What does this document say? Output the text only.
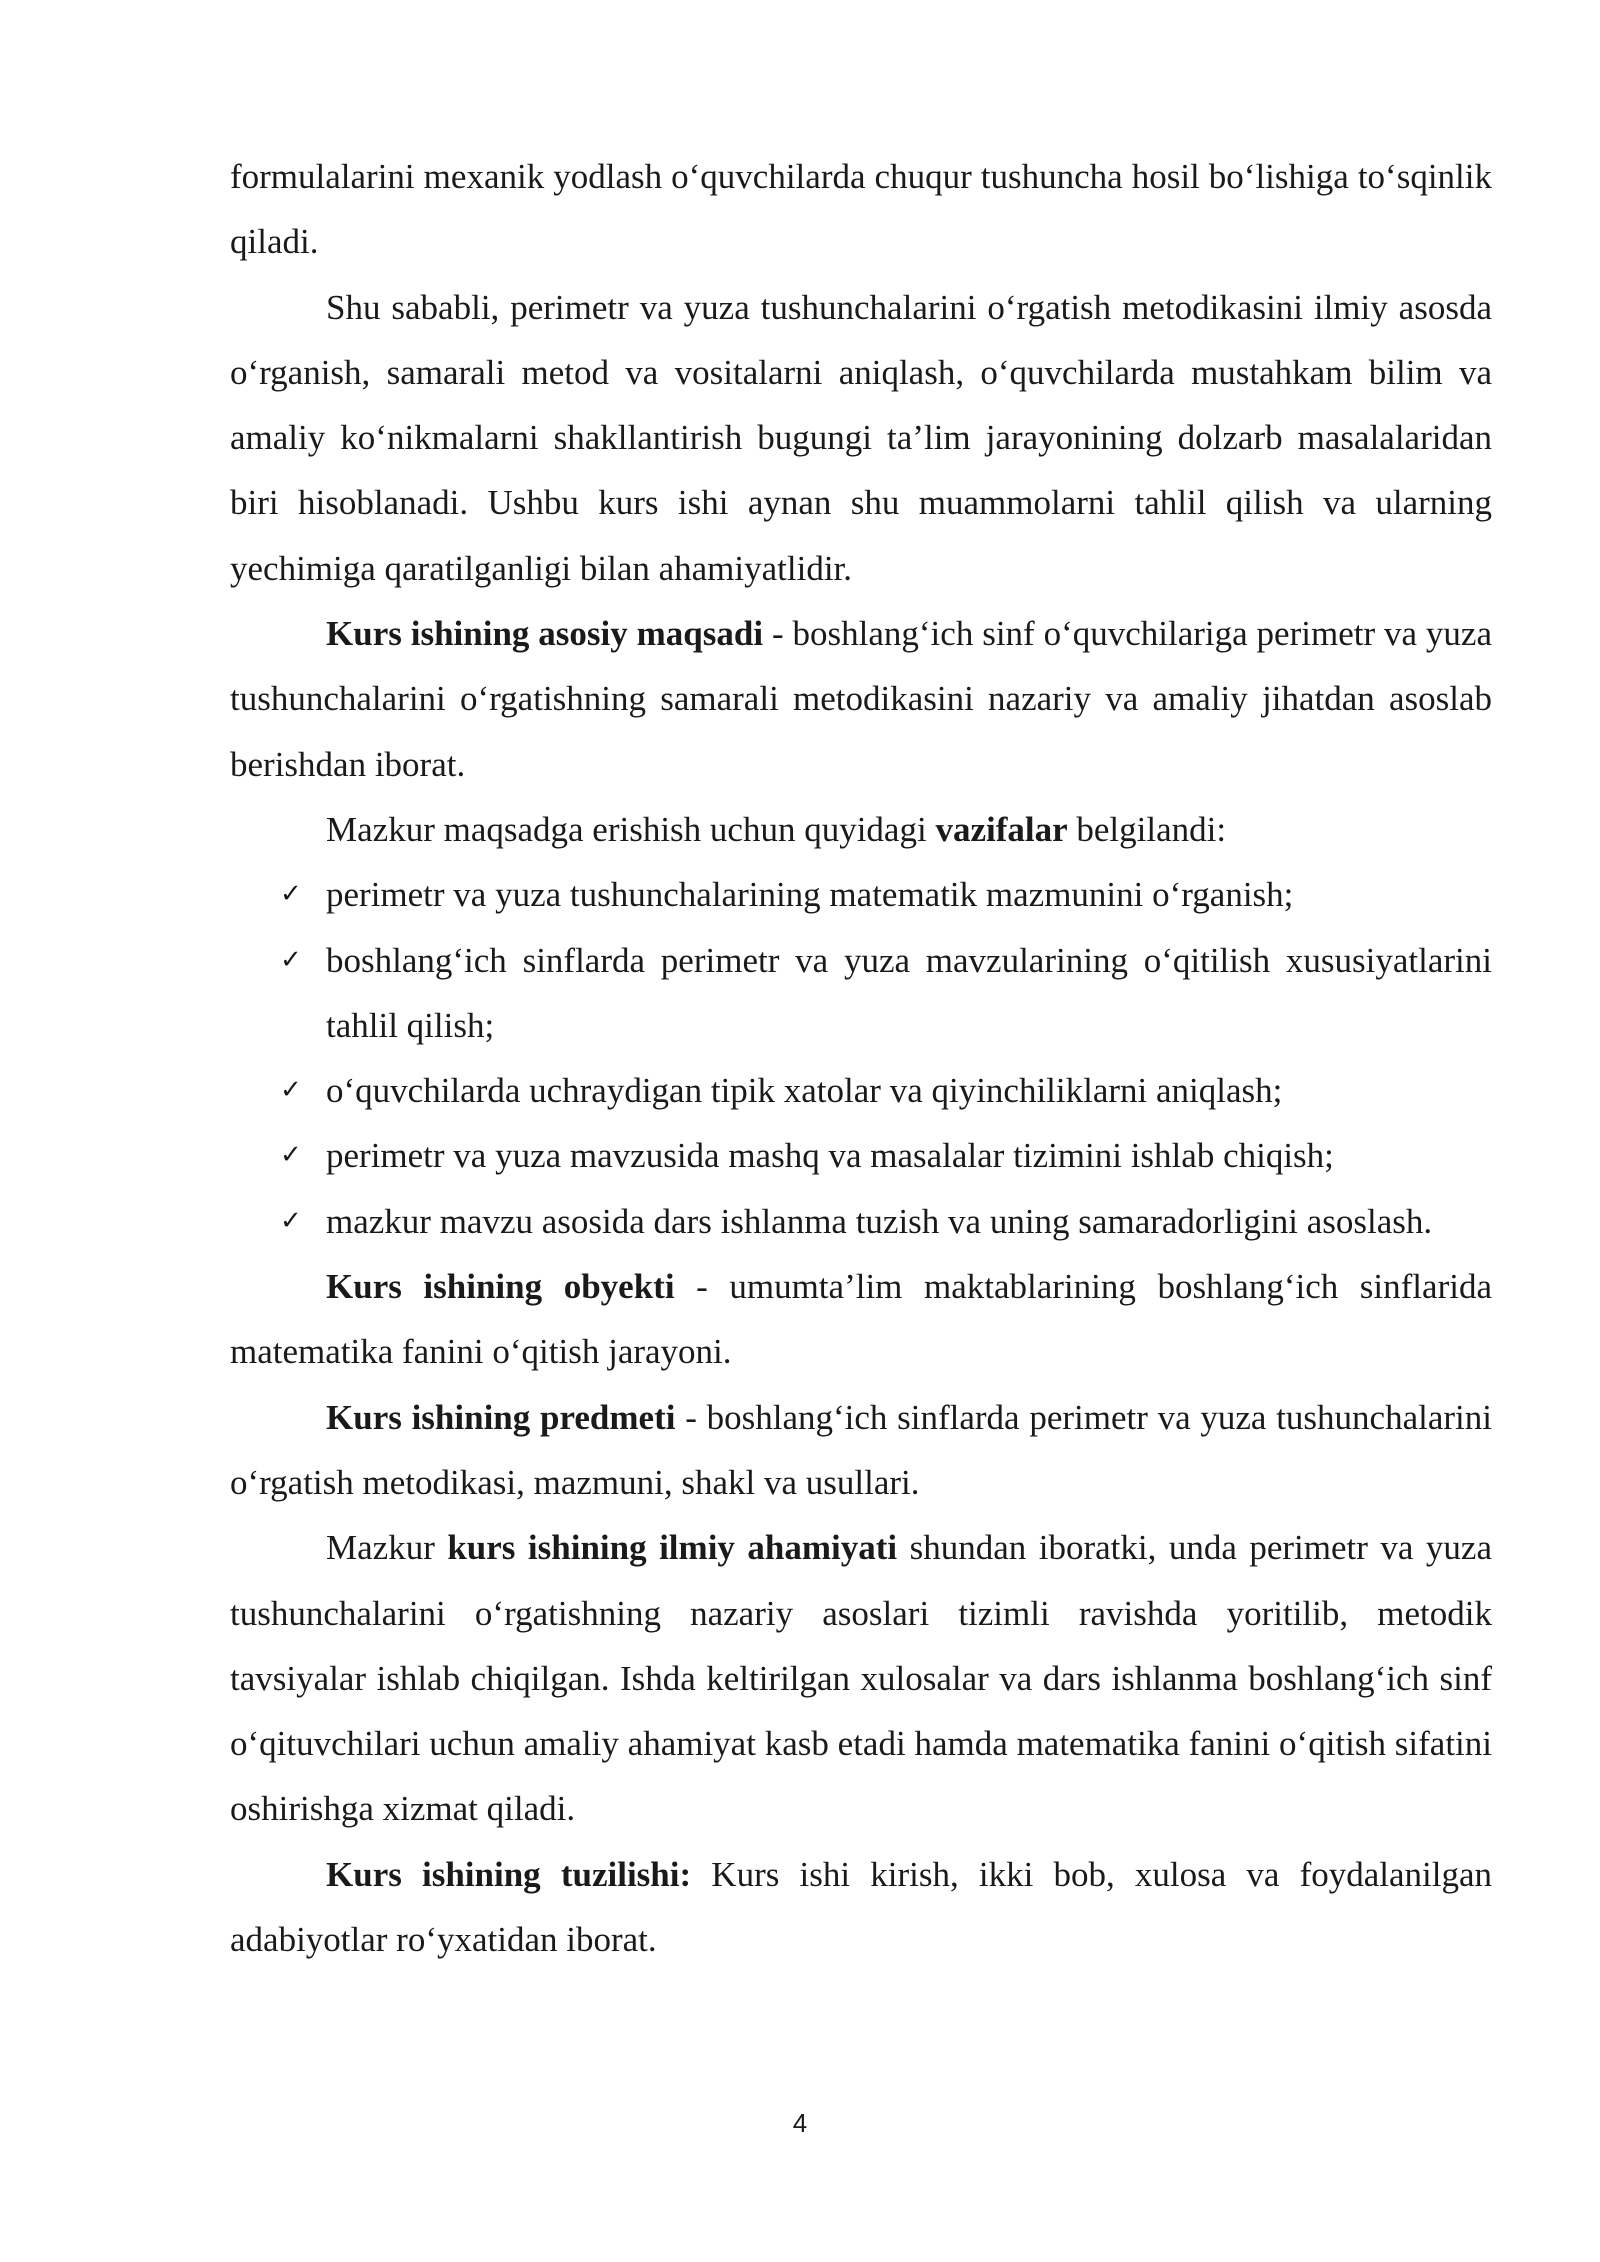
formulalarini mexanik yodlash o‘quvchilarda chuqur tushuncha hosil bo‘lishiga to‘sqinlik qiladi.

Shu sababli, perimetr va yuza tushunchalarini o‘rgatish metodikasini ilmiy asosda o‘rganish, samarali metod va vositalarni aniqlash, o‘quvchilarda mustahkam bilim va amaliy ko‘nikmalarni shakllantirish bugungi ta’lim jarayonining dolzarb masalalaridan biri hisoblanadi. Ushbu kurs ishi aynan shu muammolarni tahlil qilish va ularning yechimiga qaratilganligi bilan ahamiyatlidir.

Kurs ishining asosiy maqsadi - boshlang‘ich sinf o‘quvchilariga perimetr va yuza tushunchalarini o‘rgatishning samarali metodikasini nazariy va amaliy jihatdan asoslab berishdan iborat.

Mazkur maqsadga erishish uchun quyidagi vazifalar belgilandi:

✓ perimetr va yuza tushunchalarining matematik mazmunini o‘rganish;
✓ boshlang‘ich sinflarda perimetr va yuza mavzularining o‘qitilish xususiyatlarini tahlil qilish;
✓ o‘quvchilarda uchraydigan tipik xatolar va qiyinchiliklarni aniqlash;
✓ perimetr va yuza mavzusida mashq va masalalar tizimini ishlab chiqish;
✓ mazkur mavzu asosida dars ishlanma tuzish va uning samaradorligini asoslash.

Kurs ishining obyekti - umumta’lim maktablarining boshlang‘ich sinflarida matematika fanini o‘qitish jarayoni.

Kurs ishining predmeti - boshlang‘ich sinflarda perimetr va yuza tushunchalarini o‘rgatish metodikasi, mazmuni, shakl va usullari.

Mazkur kurs ishining ilmiy ahamiyati shundan iboratki, unda perimetr va yuza tushunchalarini o‘rgatishning nazariy asoslari tizimli ravishda yoritilib, metodik tavsiyalar ishlab chiqilgan. Ishda keltirilgan xulosalar va dars ishlanma boshlang‘ich sinf o‘qituvchilari uchun amaliy ahamiyat kasb etadi hamda matematika fanini o‘qitish sifatini oshirishga xizmat qiladi.

Kurs ishining tuzilishi: Kurs ishi kirish, ikki bob, xulosa va foydalanilgan adabiyotlar ro‘yxatidan iborat.

4
